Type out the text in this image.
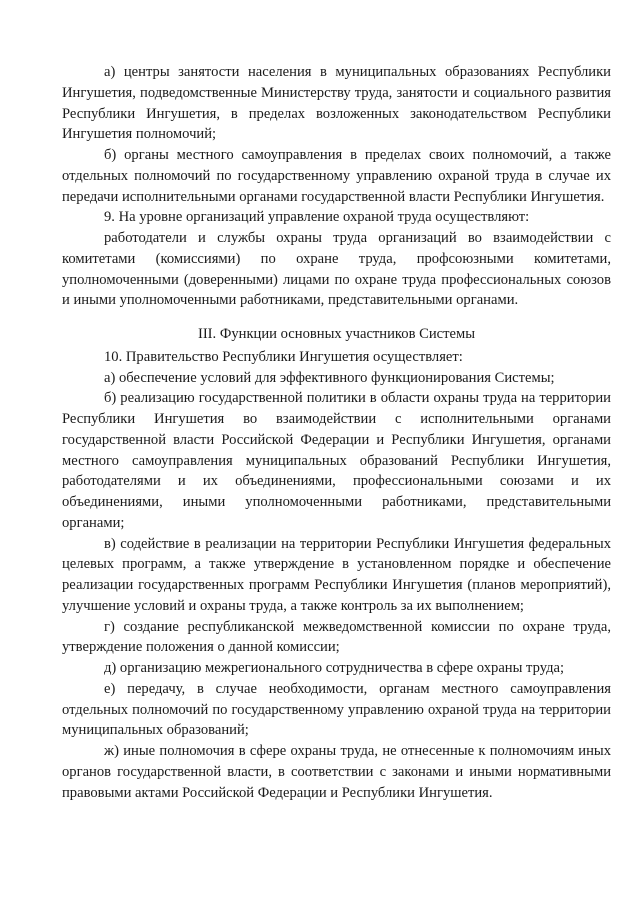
а) центры занятости населения в муниципальных образованиях Республики Ингушетия, подведомственные Министерству труда, занятости и социального развития Республики Ингушетия, в пределах возложенных законодательством Республики Ингушетия полномочий;

б) органы местного самоуправления в пределах своих полномочий, а также отдельных полномочий по государственному управлению охраной труда в случае их передачи исполнительными органами государственной власти Республики Ингушетия.

9. На уровне организаций управление охраной труда осуществляют:

работодатели и службы охраны труда организаций во взаимодействии с комитетами (комиссиями) по охране труда, профсоюзными комитетами, уполномоченными (доверенными) лицами по охране труда профессиональных союзов и иными уполномоченными работниками, представительными органами.

III. Функции основных участников Системы

10. Правительство Республики Ингушетия осуществляет:

а) обеспечение условий для эффективного функционирования Системы;

б) реализацию государственной политики в области охраны труда на территории Республики Ингушетия во взаимодействии с исполнительными органами государственной власти Российской Федерации и Республики Ингушетия, органами местного самоуправления муниципальных образований Республики Ингушетия, работодателями и их объединениями, профессиональными союзами и их объединениями, иными уполномоченными работниками, представительными органами;

в) содействие в реализации на территории Республики Ингушетия федеральных целевых программ, а также утверждение в установленном порядке и обеспечение реализации государственных программ Республики Ингушетия (планов мероприятий), улучшение условий и охраны труда, а также контроль за их выполнением;

г) создание республиканской межведомственной комиссии по охране труда, утверждение положения о данной комиссии;

д) организацию межрегионального сотрудничества в сфере охраны труда;

е) передачу, в случае необходимости, органам местного самоуправления отдельных полномочий по государственному управлению охраной труда на территории муниципальных образований;

ж) иные полномочия в сфере охраны труда, не отнесенные к полномочиям иных органов государственной власти, в соответствии с законами и иными нормативными правовыми актами Российской Федерации и Республики Ингушетия.
